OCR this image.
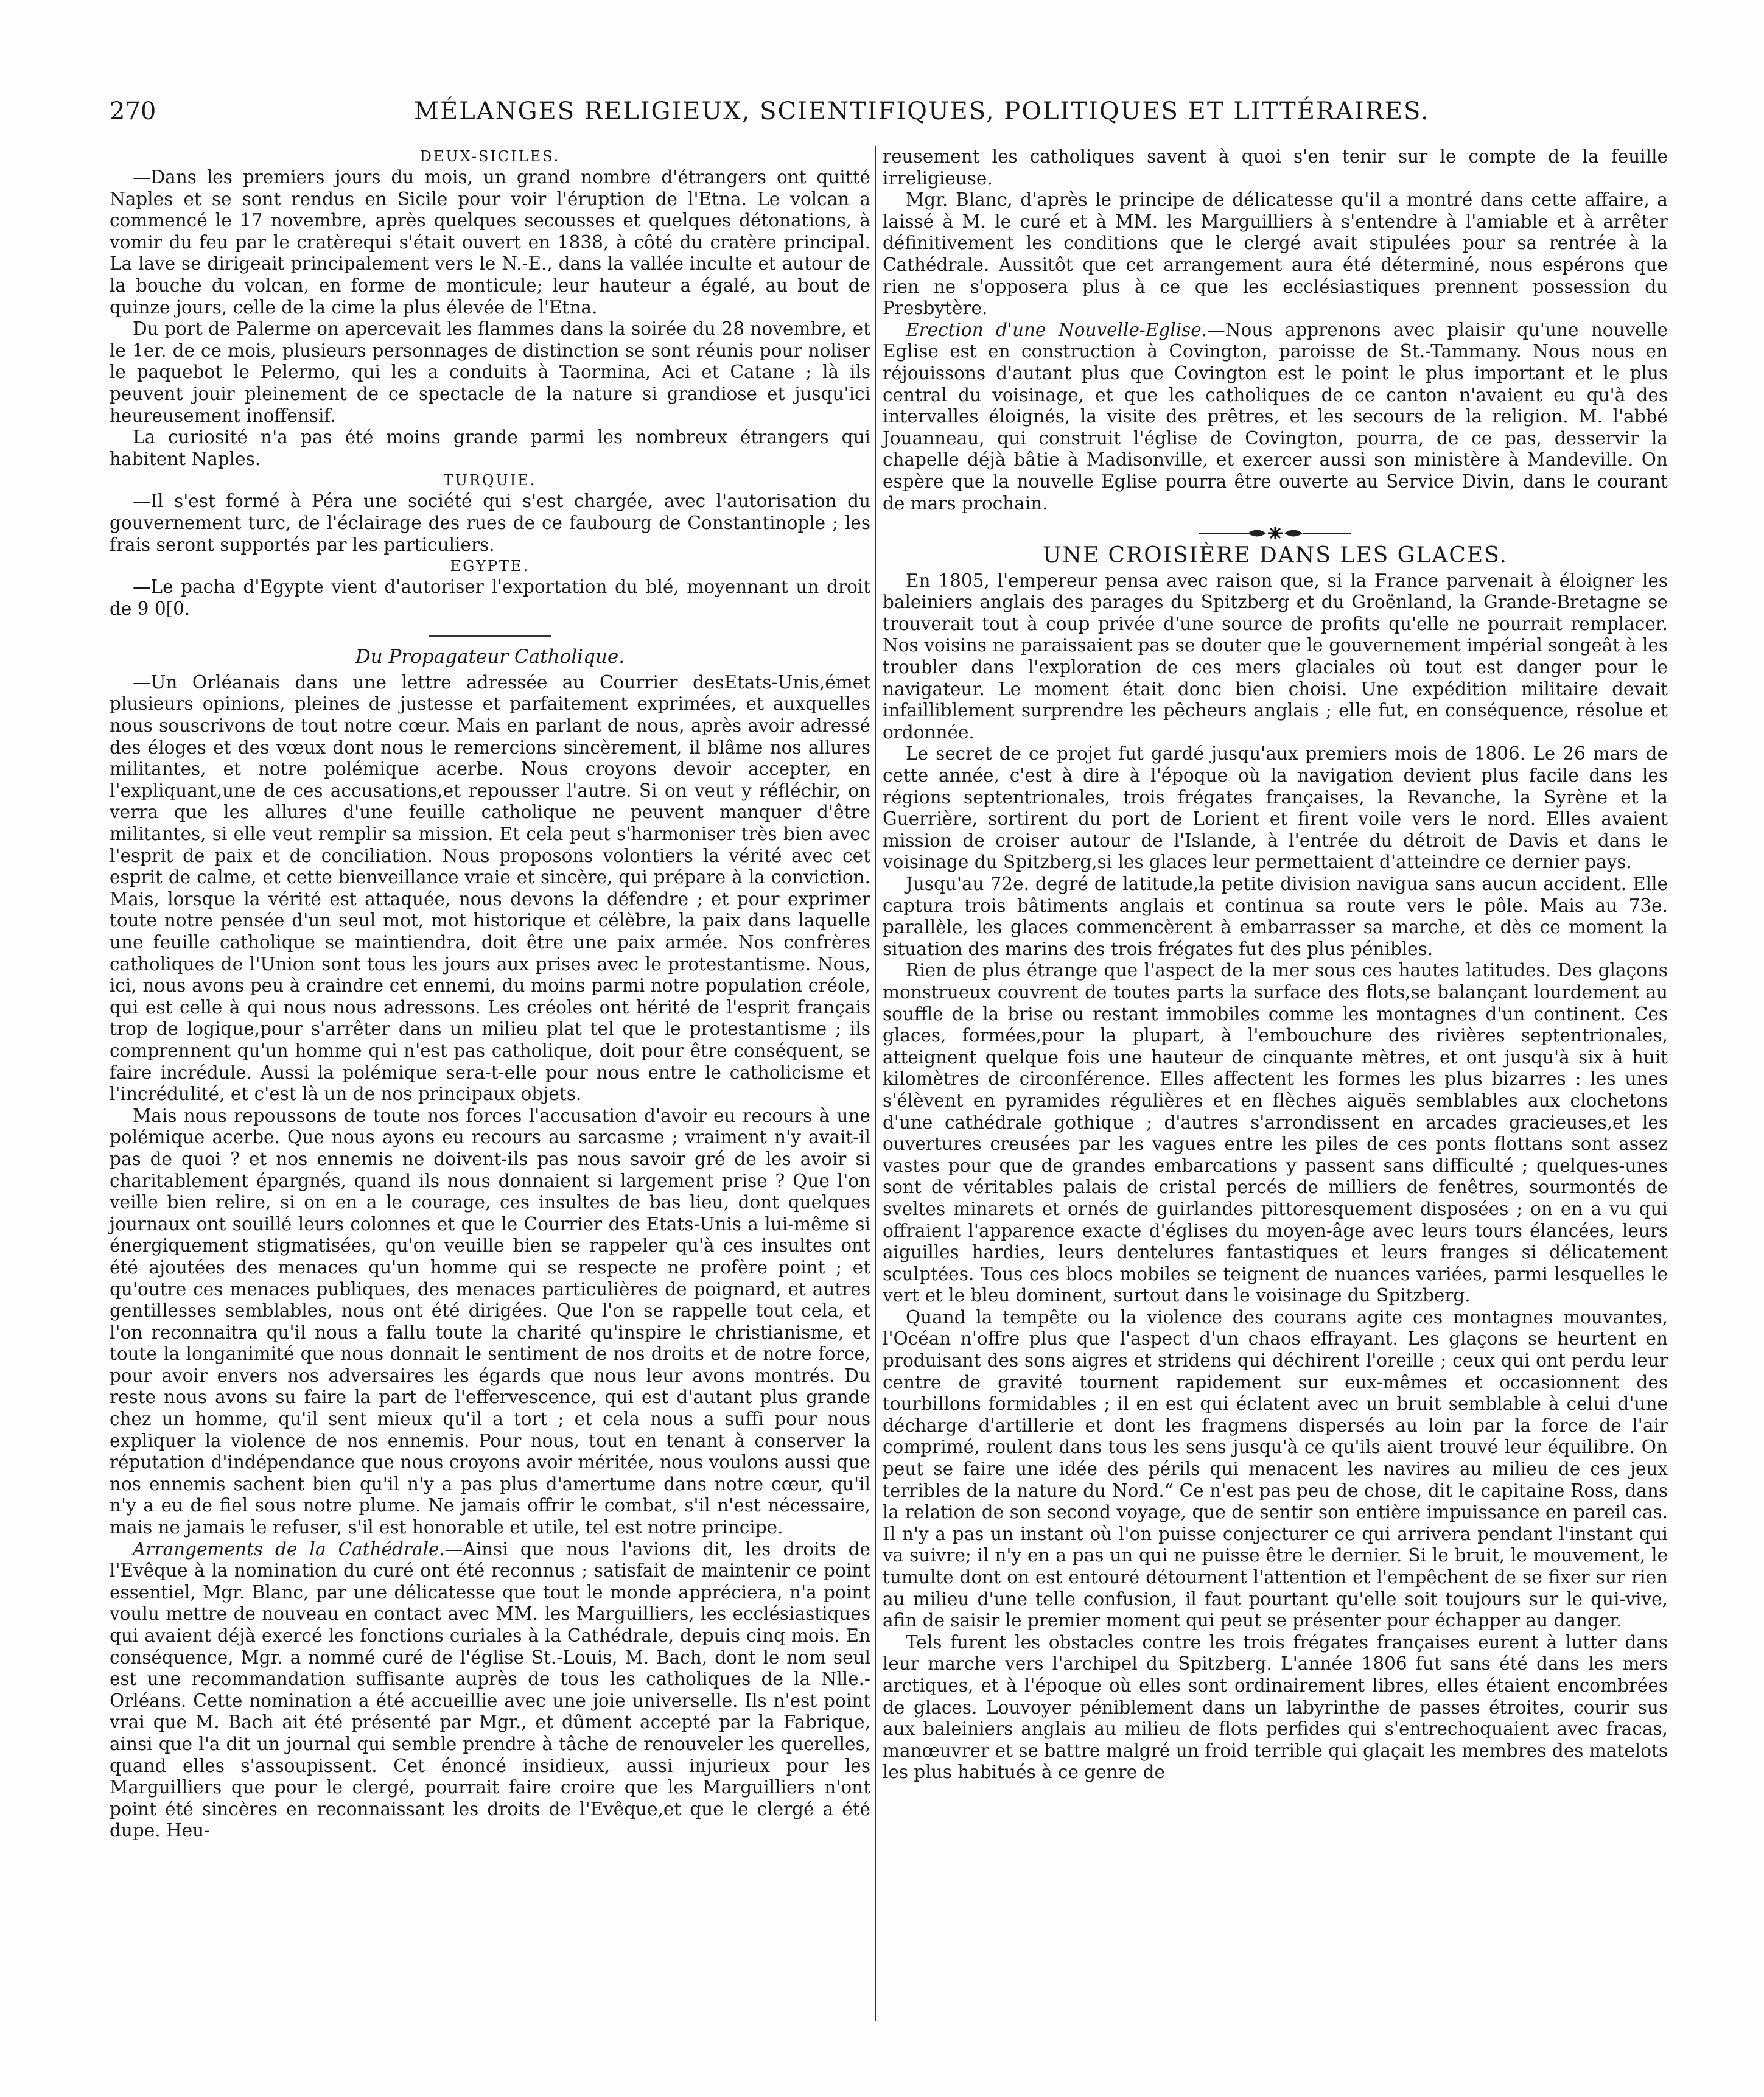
270	MÉLANGES RELIGIEUX, SCIENTIFIQUES, POLITIQUES ET LITTÉRAIRES.
DEUX-SICILES.

—Dans les premiers jours du mois, un grand nombre d'étrangers ont quitté Naples et se sont rendus en Sicile pour voir l'éruption de l'Etna. Le volcan a commencé le 17 novembre, après quelques secousses et quelques détonations, à vomir du feu par le cratèrequi s'était ouvert en 1838, à côté du cratère principal. La lave se dirigeait principalement vers le N.-E., dans la vallée inculte et autour de la bouche du volcan, en forme de monticule; leur hauteur a égalé, au bout de quinze jours, celle de la cime la plus élevée de l'Etna.

Du port de Palerme on apercevait les flammes dans la soirée du 28 novembre, et le 1er. de ce mois, plusieurs personnages de distinction se sont réunis pour noliser le paquebot le Pelermo, qui les a conduits à Taormina, Aci et Catane ; là ils peuvent jouir pleinement de ce spectacle de la nature si grandiose et jusqu'ici heureusement inoffensif.

La curiosité n'a pas été moins grande parmi les nombreux étrangers qui habitent Naples.

TURQUIE.

—Il s'est formé à Péra une société qui s'est chargée, avec l'autorisation du gouvernement turc, de l'éclairage des rues de ce faubourg de Constantinople ; les frais seront supportés par les particuliers.

EGYPTE.

—Le pacha d'Egypte vient d'autoriser l'exportation du blé, moyennant un droit de 9 0[0.

Du Propagateur Catholique.

—Un Orléanais dans une lettre adressée au Courrier desEtats-Unis,émet plusieurs opinions, pleines de justesse et parfaitement exprimées, et auxquelles nous souscrivons de tout notre cœur. Mais en parlant de nous, après avoir adressé des éloges et des vœux dont nous le remercions sincèrement, il blâme nos allures militantes, et notre polémique acerbe. Nous croyons devoir accepter, en l'expliquant,une de ces accusations,et repousser l'autre. Si on veut y réfléchir, on verra que les allures d'une feuille catholique ne peuvent manquer d'être militantes, si elle veut remplir sa mission. Et cela peut s'harmoniser très bien avec l'esprit de paix et de conciliation. Nous proposons volontiers la vérité avec cet esprit de calme, et cette bienveillance vraie et sincère, qui prépare à la conviction. Mais, lorsque la vérité est attaquée, nous devons la défendre ; et pour exprimer toute notre pensée d'un seul mot, mot historique et célèbre, la paix dans laquelle une feuille catholique se maintiendra, doit être une paix armée. Nos confrères catholiques de l'Union sont tous les jours aux prises avec le protestantisme. Nous, ici, nous avons peu à craindre cet ennemi, du moins parmi notre population créole, qui est celle à qui nous nous adressons. Les créoles ont hérité de l'esprit français trop de logique,pour s'arrêter dans un milieu plat tel que le protestantisme ; ils comprennent qu'un homme qui n'est pas catholique, doit pour être conséquent, se faire incrédule. Aussi la polémique sera-t-elle pour nous entre le catholicisme et l'incrédulité, et c'est là un de nos principaux objets.

Mais nous repoussons de toute nos forces l'accusation d'avoir eu recours à une polémique acerbe. Que nous ayons eu recours au sarcasme ; vraiment n'y avait-il pas de quoi ? et nos ennemis ne doivent-ils pas nous savoir gré de les avoir si charitablement épargnés, quand ils nous donnaient si largement prise ? Que l'on veille bien relire, si on en a le courage, ces insultes de bas lieu, dont quelques journaux ont souillé leurs colonnes et que le Courrier des Etats-Unis a lui-même si énergiquement stigmatisées, qu'on veuille bien se rappeler qu'à ces insultes ont été ajoutées des menaces qu'un homme qui se respecte ne profère point ; et qu'outre ces menaces publiques, des menaces particulières de poignard, et autres gentillesses semblables, nous ont été dirigées. Que l'on se rappelle tout cela, et l'on reconnaitra qu'il nous a fallu toute la charité qu'inspire le christianisme, et toute la longanimité que nous donnait le sentiment de nos droits et de notre force, pour avoir envers nos adversaires les égards que nous leur avons montrés. Du reste nous avons su faire la part de l'effervescence, qui est d'autant plus grande chez un homme, qu'il sent mieux qu'il a tort ; et cela nous a suffi pour nous expliquer la violence de nos ennemis. Pour nous, tout en tenant à conserver la réputation d'indépendance que nous croyons avoir méritée, nous voulons aussi que nos ennemis sachent bien qu'il n'y a pas plus d'amertume dans notre cœur, qu'il n'y a eu de fiel sous notre plume. Ne jamais offrir le combat, s'il n'est nécessaire, mais ne jamais le refuser, s'il est honorable et utile, tel est notre principe.

Arrangements de la Cathédrale.—Ainsi que nous l'avions dit, les droits de l'Evêque à la nomination du curé ont été reconnus ; satisfait de maintenir ce point essentiel, Mgr. Blanc, par une délicatesse que tout le monde appréciera, n'a point voulu mettre de nouveau en contact avec MM. les Marguilliers, les ecclésiastiques qui avaient déjà exercé les fonctions curiales à la Cathédrale, depuis cinq mois. En conséquence, Mgr. a nommé curé de l'église St.-Louis, M. Bach, dont le nom seul est une recommandation suffisante auprès de tous les catholiques de la Nlle.-Orléans. Cette nomination a été accueillie avec une joie universelle. Ils n'est point vrai que M. Bach ait été présenté par Mgr., et dûment accepté par la Fabrique, ainsi que l'a dit un journal qui semble prendre à tâche de renouveler les querelles, quand elles s'assoupissent. Cet énoncé insidieux, aussi injurieux pour les Marguilliers que pour le clergé, pourrait faire croire que les Marguilliers n'ont point été sincères en reconnaissant les droits de l'Evêque,et que le clergé a été dupe. Heu-

reusement les catholiques savent à quoi s'en tenir sur le compte de la feuille irreligieuse.

Mgr. Blanc, d'après le principe de délicatesse qu'il a montré dans cette affaire, a laissé à M. le curé et à MM. les Marguilliers à s'entendre à l'amiable et à arrêter définitivement les conditions que le clergé avait stipulées pour sa rentrée à la Cathédrale. Aussitôt que cet arrangement aura été déterminé, nous espérons que rien ne s'opposera plus à ce que les ecclésiastiques prennent possession du Presbytère.

Erection d'une Nouvelle-Eglise.—Nous apprenons avec plaisir qu'une nouvelle Eglise est en construction à Covington, paroisse de St.-Tammany. Nous nous en réjouissons d'autant plus que Covington est le point le plus important et le plus central du voisinage, et que les catholiques de ce canton n'avaient eu qu'à des intervalles éloignés, la visite des prêtres, et les secours de la religion. M. l'abbé Jouanneau, qui construit l'église de Covington, pourra, de ce pas, desservir la chapelle déjà bâtie à Madisonville, et exercer aussi son ministère à Mandeville. On espère que la nouvelle Eglise pourra être ouverte au Service Divin, dans le courant de mars prochain.

UNE CROISIÈRE DANS LES GLACES.

En 1805, l'empereur pensa avec raison que, si la France parvenait à éloigner les baleiniers anglais des parages du Spitzberg et du Groënland, la Grande-Bretagne se trouverait tout à coup privée d'une source de profits qu'elle ne pourrait remplacer. Nos voisins ne paraissaient pas se douter que le gouvernement impérial songeât à les troubler dans l'exploration de ces mers glaciales où tout est danger pour le navigateur. Le moment était donc bien choisi. Une expédition militaire devait infailliblement surprendre les pêcheurs anglais ; elle fut, en conséquence, résolue et ordonnée.

Le secret de ce projet fut gardé jusqu'aux premiers mois de 1806. Le 26 mars de cette année, c'est à dire à l'époque où la navigation devient plus facile dans les régions septentrionales, trois frégates françaises, la Revanche, la Syrène et la Guerrière, sortirent du port de Lorient et firent voile vers le nord. Elles avaient mission de croiser autour de l'Islande, à l'entrée du détroit de Davis et dans le voisinage du Spitzberg,si les glaces leur permettaient d'atteindre ce dernier pays.

Jusqu'au 72e. degré de latitude,la petite division navigua sans aucun accident. Elle captura trois bâtiments anglais et continua sa route vers le pôle. Mais au 73e. parallèle, les glaces commencèrent à embarrasser sa marche, et dès ce moment la situation des marins des trois frégates fut des plus pénibles.

Rien de plus étrange que l'aspect de la mer sous ces hautes latitudes. Des glaçons monstrueux couvrent de toutes parts la surface des flots,se balançant lourdement au souffle de la brise ou restant immobiles comme les montagnes d'un continent. Ces glaces, formées,pour la plupart, à l'embouchure des rivières septentrionales, atteignent quelque fois une hauteur de cinquante mètres, et ont jusqu'à six à huit kilomètres de circonférence. Elles affectent les formes les plus bizarres : les unes s'élèvent en pyramides régulières et en flèches aiguës semblables aux clochetons d'une cathédrale gothique ; d'autres s'arrondissent en arcades gracieuses,et les ouvertures creusées par les vagues entre les piles de ces ponts flottans sont assez vastes pour que de grandes embarcations y passent sans difficulté ; quelques-unes sont de véritables palais de cristal percés de milliers de fenêtres, sourmontés de sveltes minarets et ornés de guirlandes pittoresquement disposées ; on en a vu qui offraient l'apparence exacte d'églises du moyen-âge avec leurs tours élancées, leurs aiguilles hardies, leurs dentelures fantastiques et leurs franges si délicatement sculptées. Tous ces blocs mobiles se teignent de nuances variées, parmi lesquelles le vert et le bleu dominent, surtout dans le voisinage du Spitzberg.

Quand la tempête ou la violence des courans agite ces montagnes mouvantes, l'Océan n'offre plus que l'aspect d'un chaos effrayant. Les glaçons se heurtent en produisant des sons aigres et stridens qui déchirent l'oreille ; ceux qui ont perdu leur centre de gravité tournent rapidement sur eux-mêmes et occasionnent des tourbillons formidables ; il en est qui éclatent avec un bruit semblable à celui d'une décharge d'artillerie et dont les fragmens dispersés au loin par la force de l'air comprimé, roulent dans tous les sens jusqu'à ce qu'ils aient trouvé leur équilibre. On peut se faire une idée des périls qui menacent les navires au milieu de ces jeux terribles de la nature du Nord.“ Ce n'est pas peu de chose, dit le capitaine Ross, dans la relation de son second voyage, que de sentir son entière impuissance en pareil cas. Il n'y a pas un instant où l'on puisse conjecturer ce qui arrivera pendant l'instant qui va suivre; il n'y en a pas un qui ne puisse être le dernier. Si le bruit, le mouvement, le tumulte dont on est entouré détournent l'attention et l'empêchent de se fixer sur rien au milieu d'une telle confusion, il faut pourtant qu'elle soit toujours sur le qui-vive, afin de saisir le premier moment qui peut se présenter pour échapper au danger.

Tels furent les obstacles contre les trois frégates françaises eurent à lutter dans leur marche vers l'archipel du Spitzberg. L'année 1806 fut sans été dans les mers arctiques, et à l'époque où elles sont ordinairement libres, elles étaient encombrées de glaces. Louvoyer péniblement dans un labyrinthe de passes étroites, courir sus aux baleiniers anglais au milieu de flots perfides qui s'entrechoquaient avec fracas, manœuvrer et se battre malgré un froid terrible qui glaçait les membres des matelots les plus habitués à ce genre de
